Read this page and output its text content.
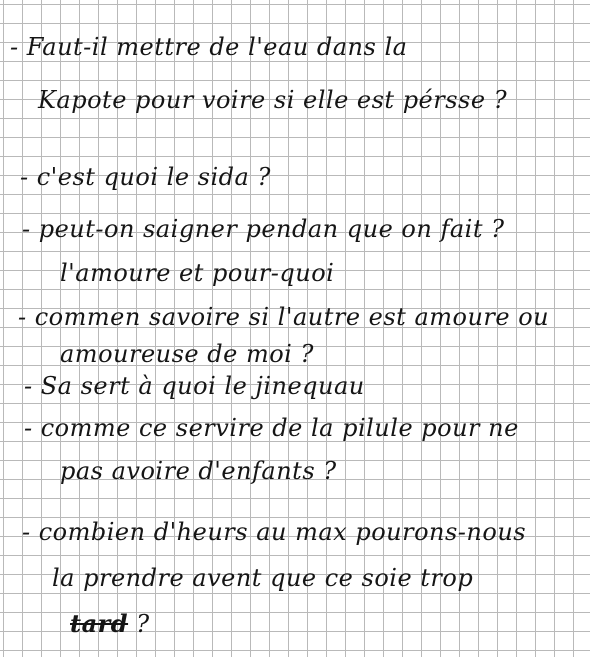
- Faut-il mettre de l'eau dans la

Kapote pour voire si elle est pérsse ?

- c'est quoi le sida ?

- peut-on saigner pendan que on fait ?

l'amoure et pour-quoi

- commen savoire si l'autre est amoure ou

amoureuse de moi ?

- Sa sert à quoi le jinequau

- comme ce servire de la pilule pour ne

pas avoire d'enfants ?

- combien d'heurs au max pourons-nous

la prendre avent que ce soie trop

tard ?
